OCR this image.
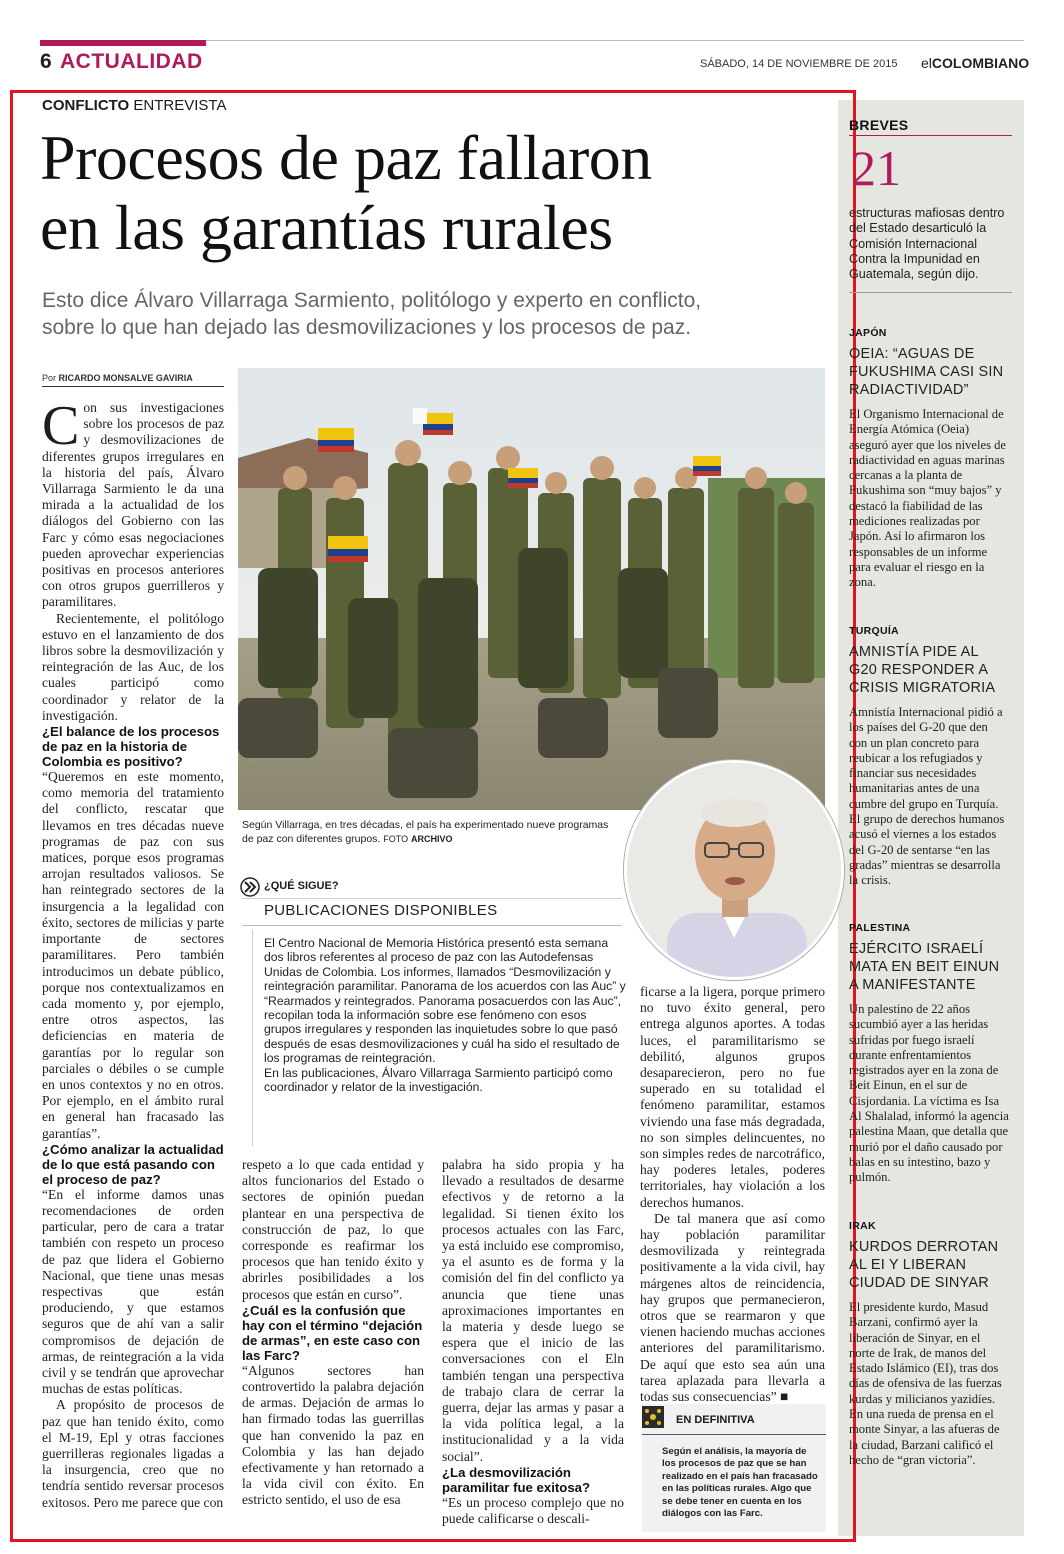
6 ACTUALIDAD	SÁBADO, 14 DE NOVIEMBRE DE 2015 elCOLOMBIANO
CONFLICTO ENTREVISTA
Procesos de paz fallaron
en las garantías rurales
Esto dice Álvaro Villarraga Sarmiento, politólogo y experto en conflicto,
sobre lo que han dejado las desmovilizaciones y los procesos de paz.
Por RICARDO MONSALVE GAVIRIA

Con sus investigaciones sobre los procesos de paz y desmovilizaciones de diferentes grupos irregulares en la historia del país, Álvaro Villarraga Sarmiento le da una mirada a la actualidad de los diálogos del Gobierno con las Farc y cómo esas negociaciones pueden aprovechar experiencias positivas en procesos anteriores con otros grupos guerrilleros y paramilitares.

Recientemente, el politólogo estuvo en el lanzamiento de dos libros sobre la desmovilización y reintegración de las Auc, de los cuales participó como coordinador y relator de la investigación.

¿El balance de los procesos de paz en la historia de Colombia es positivo?

“Queremos en este momento, como memoria del tratamiento del conflicto, rescatar que llevamos en tres décadas nueve programas de paz con sus matices, porque esos programas arrojan resultados valiosos. Se han reintegrado sectores de la insurgencia a la legalidad con éxito, sectores de milicias y parte importante de sectores paramilitares. Pero también introducimos un debate público, porque nos contextualizamos en cada momento y, por ejemplo, entre otros aspectos, las deficiencias en materia de garantías por lo regular son parciales o débiles o se cumple en unos contextos y no en otros. Por ejemplo, en el ámbito rural en general han fracasado las garantías”.

¿Cómo analizar la actualidad de lo que está pasando con el proceso de paz?

“En el informe damos unas recomendaciones de orden particular, pero de cara a tratar también con respeto un proceso de paz que lidera el Gobierno Nacional, que tiene unas mesas respectivas que están produciendo, y que estamos seguros que de ahí van a salir compromisos de dejación de armas, de reintegración a la vida civil y se tendrán que aprovechar muchas de estas políticas.

A propósito de procesos de paz que han tenido éxito, como el M-19, Epl y otras facciones guerrilleras regionales ligadas a la insurgencia, creo que no tendría sentido reversar procesos exitosos. Pero me parece que con

Según Villarraga, en tres décadas, el país ha experimentado nueve programas de paz con diferentes grupos. FOTO ARCHIVO
¿QUÉ SIGUE?
PUBLICACIONES DISPONIBLES

El Centro Nacional de Memoria Histórica presentó esta semana dos libros referentes al proceso de paz con las Autodefensas Unidas de Colombia. Los informes, llamados “Desmovilización y reintegración paramilitar. Panorama de los acuerdos con las Auc” y “Rearmados y reintegrados. Panorama posacuerdos con las Auc”, recopilan toda la información sobre ese fenómeno con esos grupos irregulares y responden las inquietudes sobre lo que pasó después de esas desmovilizaciones y cuál ha sido el resultado de los programas de reintegración.

En las publicaciones, Álvaro Villarraga Sarmiento participó como coordinador y relator de la investigación.

respeto a lo que cada entidad y altos funcionarios del Estado o sectores de opinión puedan plantear en una perspectiva de construcción de paz, lo que corresponde es reafirmar los procesos que han tenido éxito y abrirles posibilidades a los procesos que están en curso”.

¿Cuál es la confusión que hay con el término “dejación de armas”, en este caso con las Farc?

“Algunos sectores han controvertido la palabra dejación de armas. Dejación de armas lo han firmado todas las guerrillas que han convenido la paz en Colombia y las han dejado efectivamente y han retornado a la vida civil con éxito. En estricto sentido, el uso de esa

palabra ha sido propia y ha llevado a resultados de desarme efectivos y de retorno a la legalidad. Si tienen éxito los procesos actuales con las Farc, ya está incluido ese compromiso, ya el asunto es de forma y la comisión del fin del conflicto ya anuncia que tiene unas aproximaciones importantes en la materia y desde luego se espera que el inicio de las conversaciones con el Eln también tengan una perspectiva de trabajo clara de cerrar la guerra, dejar las armas y pasar a la vida política legal, a la institucionalidad y a la vida social”.

¿La desmovilización paramilitar fue exitosa?

“Es un proceso complejo que no puede calificarse o descali-

ficarse a la ligera, porque primero no tuvo éxito general, pero entrega algunos aportes. A todas luces, el paramilitarismo se debilitó, algunos grupos desaparecieron, pero no fue superado en su totalidad el fenómeno paramilitar, estamos viviendo una fase más degradada, no son simples delincuentes, no son simples redes de narcotráfico, hay poderes letales, poderes territoriales, hay violación a los derechos humanos.

De tal manera que así como hay población paramilitar desmovilizada y reintegrada positivamente a la vida civil, hay márgenes altos de reincidencia, hay grupos que permanecieron, otros que se rearmaron y que vienen haciendo muchas acciones anteriores del paramilitarismo. De aquí que esto sea aún una tarea aplazada para llevarla a todas sus consecuencias” ■

EN DEFINITIVA
Según el análisis, la mayoría de los procesos de paz que se han realizado en el país han fracasado en las políticas rurales. Algo que se debe tener en cuenta en los diálogos con las Farc.
BREVES
21
estructuras mafiosas dentro del Estado desarticuló la Comisión Internacional Contra la Impunidad en Guatemala, según dijo.
JAPÓN
OEIA: “AGUAS DE FUKUSHIMA CASI SIN RADIACTIVIDAD”
El Organismo Internacional de Energía Atómica (Oeia) aseguró ayer que los niveles de radiactividad en aguas marinas cercanas a la planta de Fukushima son “muy bajos” y destacó la fiabilidad de las mediciones realizadas por Japón. Así lo afirmaron los responsables de un informe para evaluar el riesgo en la zona.
TURQUÍA
AMNISTÍA PIDE AL G20 RESPONDER A CRISIS MIGRATORIA
Amnistía Internacional pidió a los países del G-20 que den con un plan concreto para reubicar a los refugiados y financiar sus necesidades humanitarias antes de una cumbre del grupo en Turquía. El grupo de derechos humanos acusó el viernes a los estados del G-20 de sentarse “en las gradas” mientras se desarrolla la crisis.
PALESTINA
EJÉRCITO ISRAELÍ MATA EN BEIT EINUN A MANIFESTANTE
Un palestino de 22 años sucumbió ayer a las heridas sufridas por fuego israelí durante enfrentamientos registrados ayer en la zona de Beit Einun, en el sur de Cisjordania. La víctima es Isa Al Shalalad, informó la agencia palestina Maan, que detalla que murió por el daño causado por balas en su intestino, bazo y pulmón.
IRAK
KURDOS DERROTAN AL EI Y LIBERAN CIUDAD DE SINYAR
El presidente kurdo, Masud Barzani, confirmó ayer la liberación de Sinyar, en el norte de Irak, de manos del Estado Islámico (EI), tras dos días de ofensiva de las fuerzas kurdas y milicianos yazidíes. En una rueda de prensa en el monte Sinyar, a las afueras de la ciudad, Barzani calificó el hecho de “gran victoria”.
